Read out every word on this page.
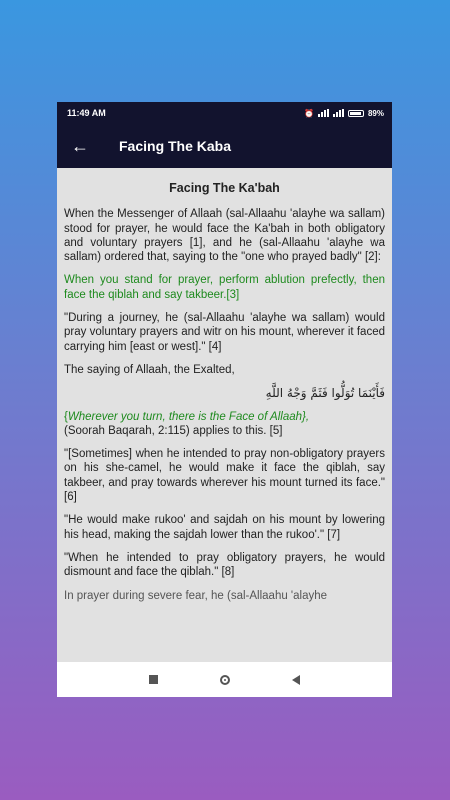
11:49 AM	⏰	89%
←	Facing The Kaba
Facing The Ka'bah

When the Messenger of Allaah (sal-Allaahu 'alayhe wa sallam) stood for prayer, he would face the Ka'bah in both obligatory and voluntary prayers [1], and he (sal-Allaahu 'alayhe wa sallam) ordered that, saying to the "one who prayed badly" [2]:

When you stand for prayer, perform ablution prefectly, then face the qiblah and say takbeer.[3]

"During a journey, he (sal-Allaahu 'alayhe wa sallam) would pray voluntary prayers and witr on his mount, wherever it faced carrying him [east or west]." [4]

The saying of Allaah, the Exalted,

فَأَيْنَمَا تُوَلُّوا فَثَمَّ وَجْهُ اللَّهِ

{Wherever you turn, there is the Face of Allaah},
(Soorah Baqarah, 2:115) applies to this. [5]

"[Sometimes] when he intended to pray non-obligatory prayers on his she-camel, he would make it face the qiblah, say takbeer, and pray towards wherever his mount turned its face." [6]

"He would make rukoo' and sajdah on his mount by lowering his head, making the sajdah lower than the rukoo'." [7]

"When he intended to pray obligatory prayers, he would dismount and face the qiblah." [8]

In prayer during severe fear, he (sal-Allaahu 'alayhe
